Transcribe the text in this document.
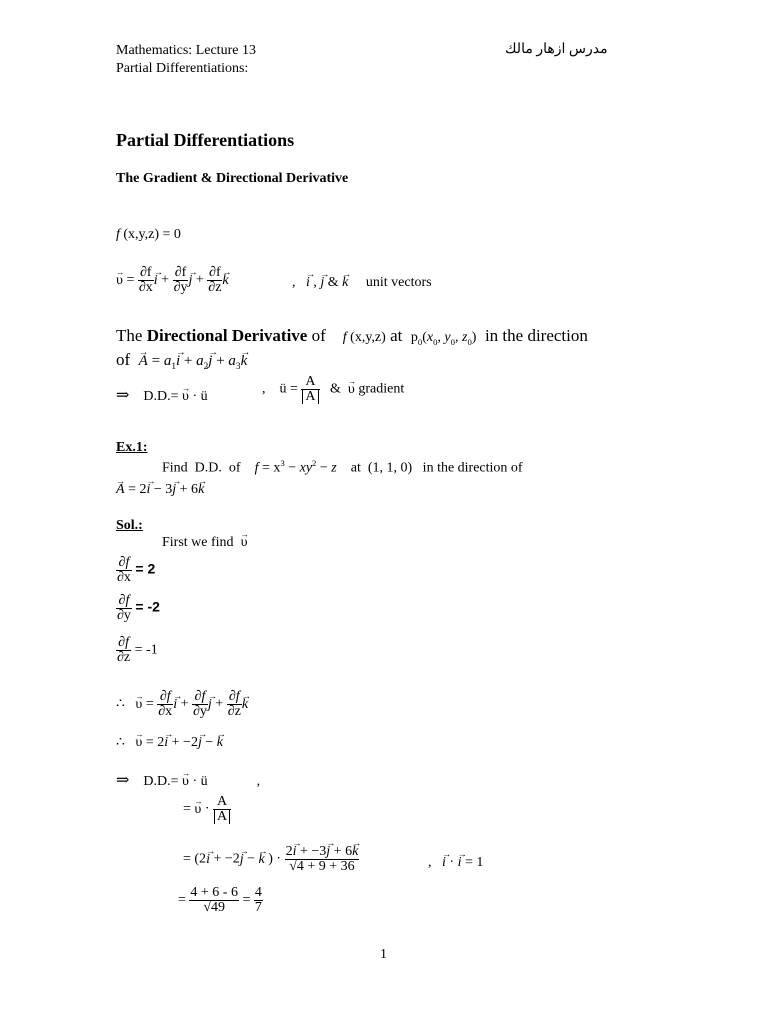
Mathematics: Lecture 13
Partial Differentiations:
مدرس ازهار مالك
Partial Differentiations
The Gradient & Directional Derivative
f (x,y,z) = 0
→ $\upsilon = \frac{\partial f}{\partial x}$
→ $i + \frac{\partial f}{\partial y}$
→ $j + \frac{\partial f}{\partial z}$
→ k	,   → i , → j & → k unit vectors
The Directional Derivative of f (x,y,z) at $p_0(x_0$, $y_0$, $z_0$) in the direction
of  → $A = a_1\to i + a_2\to j + a_3\to k$
⇒ D.D.= → υ · ü	,    ü = $\frac{A}{A}$ &  → υ gradient
Ex.1:
Find  D.D.  of    $f = x^3 - xy^2 - z$    at  (1, 1, 0)   in the direction of
→ A = 2→ i − 3→ j + 6→ k
Sol.:
First we find  → υ
$\frac{\partial f}{\partial x} = 2$
$\frac{\partial f}{\partial y} = -2$
$\frac{\partial f}{\partial z} = -1$
∴   → $\upsilon = \frac{\partial f}{\partial x}$
→ $i + \frac{\partial f}{\partial y}$
→ $j + \frac{\partial f}{\partial z}$
→ k
∴   → υ = 2→ i + −2→ j − → k
⇒    D.D.= → υ · ü              ,
= → $\upsilon \cdot \frac{A}{A}$
= (2→ i + −2→ j − → k ) · $\frac{2\to i + -3\to j + 6\to k}{√4 + 9 + 36}$	,   → i · → i = 1
= $\frac{4 + 6 - 6}{√49} = \frac{4}{7}$
1
